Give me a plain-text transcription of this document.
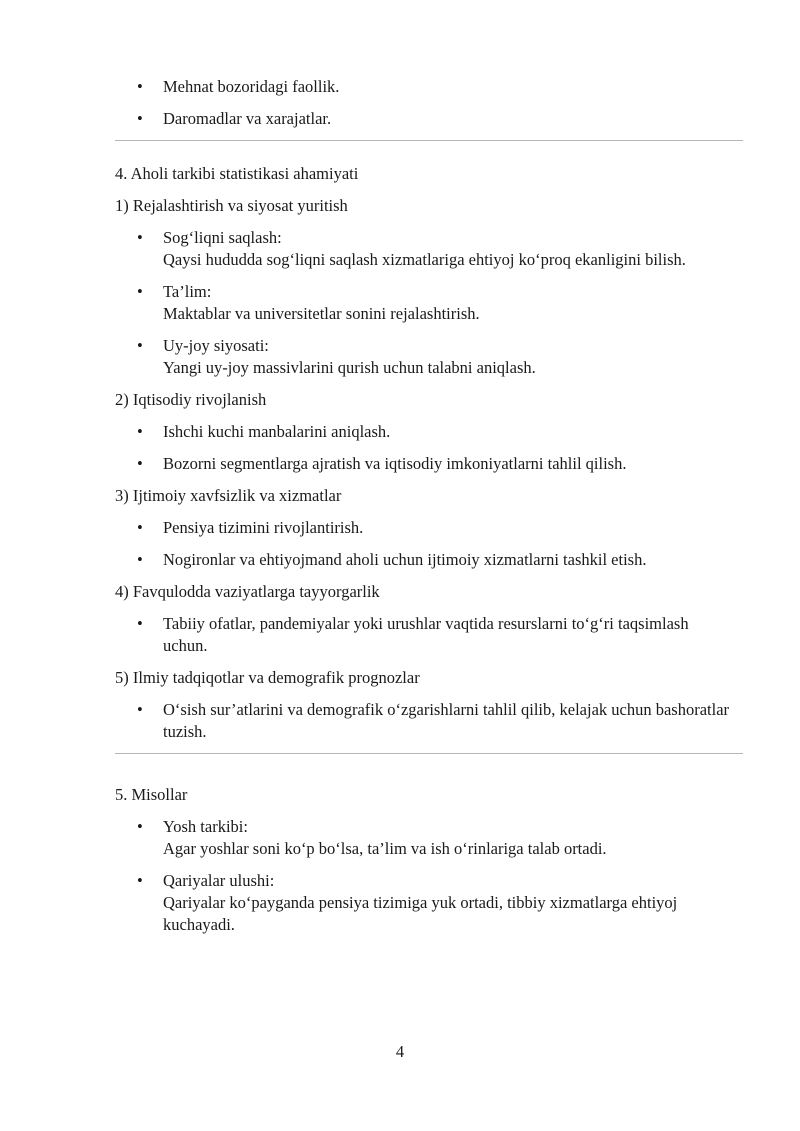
• Mehnat bozoridagi faollik.
• Daromadlar va xarajatlar.
4. Aholi tarkibi statistikasi ahamiyati
1) Rejalashtirish va siyosat yuritish
• Sog‘liqni saqlash:
Qaysi hududda sog‘liqni saqlash xizmatlariga ehtiyoj ko‘proq ekanligini bilish.
• Ta’lim:
Maktablar va universitetlar sonini rejalashtirish.
• Uy-joy siyosati:
Yangi uy-joy massivlarini qurish uchun talabni aniqlash.
2) Iqtisodiy rivojlanish
• Ishchi kuchi manbalarini aniqlash.
• Bozorni segmentlarga ajratish va iqtisodiy imkoniyatlarni tahlil qilish.
3) Ijtimoiy xavfsizlik va xizmatlar
• Pensiya tizimini rivojlantirish.
• Nogironlar va ehtiyojmand aholi uchun ijtimoiy xizmatlarni tashkil etish.
4) Favqulodda vaziyatlarga tayyorgarlik
• Tabiiy ofatlar, pandemiyalar yoki urushlar vaqtida resurslarni to‘g‘ri taqsimlash uchun.
5) Ilmiy tadqiqotlar va demografik prognozlar
• O‘sish sur’atlarini va demografik o‘zgarishlarni tahlil qilib, kelajak uchun bashoratlar tuzish.
5. Misollar
• Yosh tarkibi:
Agar yoshlar soni ko‘p bo‘lsa, ta’lim va ish o‘rinlariga talab ortadi.
• Qariyalar ulushi:
Qariyalar ko‘payganda pensiya tizimiga yuk ortadi, tibbiy xizmatlarga ehtiyoj kuchayadi.
4
